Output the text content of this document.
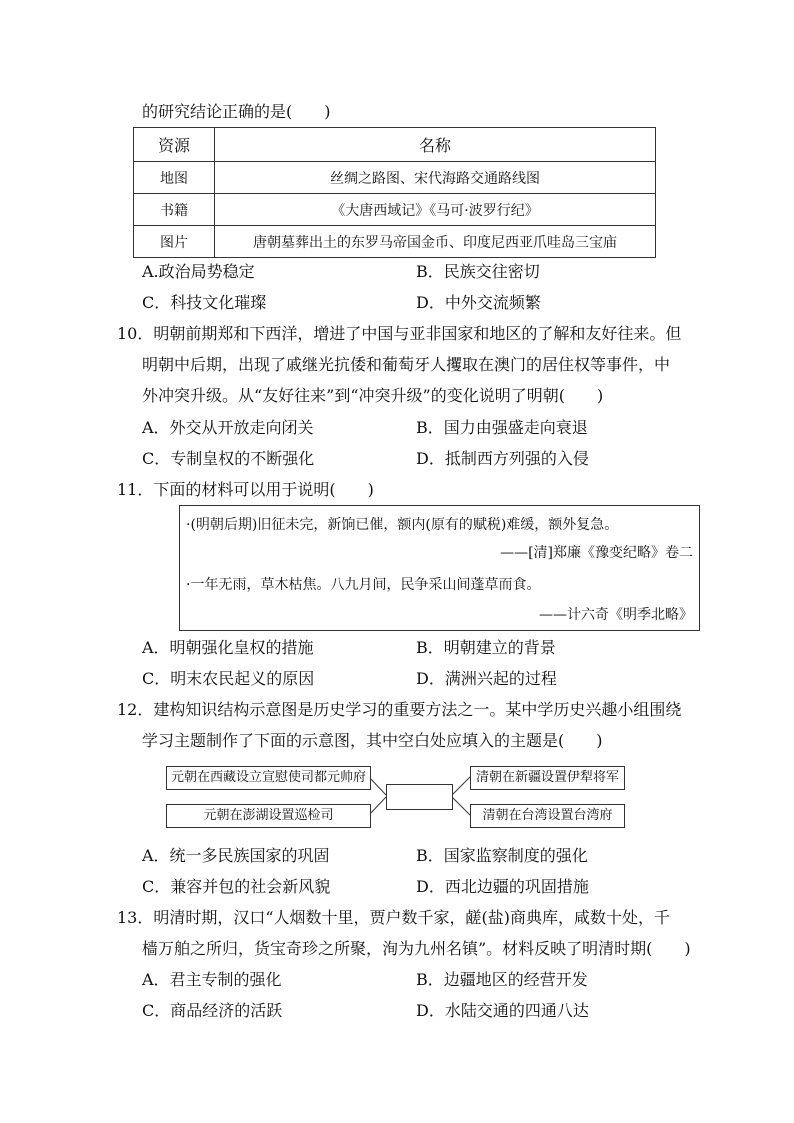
的研究结论正确的是(　　)
资源	名称
地图	丝绸之路图、宋代海路交通路线图
书籍	《大唐西域记》《马可·波罗行纪》
图片	唐朝墓葬出土的东罗马帝国金币、印度尼西亚爪哇岛三宝庙
A.政治局势稳定	B．民族交往密切
C．科技文化璀璨	D．中外交流频繁
10．明朝前期郑和下西洋，增进了中国与亚非国家和地区的了解和友好往来。但
明朝中后期，出现了戚继光抗倭和葡萄牙人攫取在澳门的居住权等事件，中
外冲突升级。从“友好往来”到“冲突升级”的变化说明了明朝(　　)
A．外交从开放走向闭关	B．国力由强盛走向衰退
C．专制皇权的不断强化	D．抵制西方列强的入侵
11．下面的材料可以用于说明(　　)
·(明朝后期)旧征未完，新饷已催，额内(原有的赋税)难缓，额外复急。
——[清]郑廉《豫变纪略》卷二
·一年无雨，草木枯焦。八九月间，民争采山间蓬草而食。
——计六奇《明季北略》
A．明朝强化皇权的措施	B．明朝建立的背景
C．明末农民起义的原因	D．满洲兴起的过程
12．建构知识结构示意图是历史学习的重要方法之一。某中学历史兴趣小组围绕
学习主题制作了下面的示意图，其中空白处应填入的主题是(　　)
元朝在西藏设立宣慰使司都元帅府
元朝在澎湖设置巡检司
清朝在新疆设置伊犁将军
清朝在台湾设置台湾府
A．统一多民族国家的巩固	B．国家监察制度的强化
C．兼容并包的社会新风貌	D．西北边疆的巩固措施
13．明清时期，汉口“人烟数十里，贾户数千家，鹾(盐)商典库，咸数十处，千
樯万舶之所归，货宝奇珍之所聚，洵为九州名镇”。材料反映了明清时期(　　)
A．君主专制的强化	B．边疆地区的经营开发
C．商品经济的活跃	D．水陆交通的四通八达
